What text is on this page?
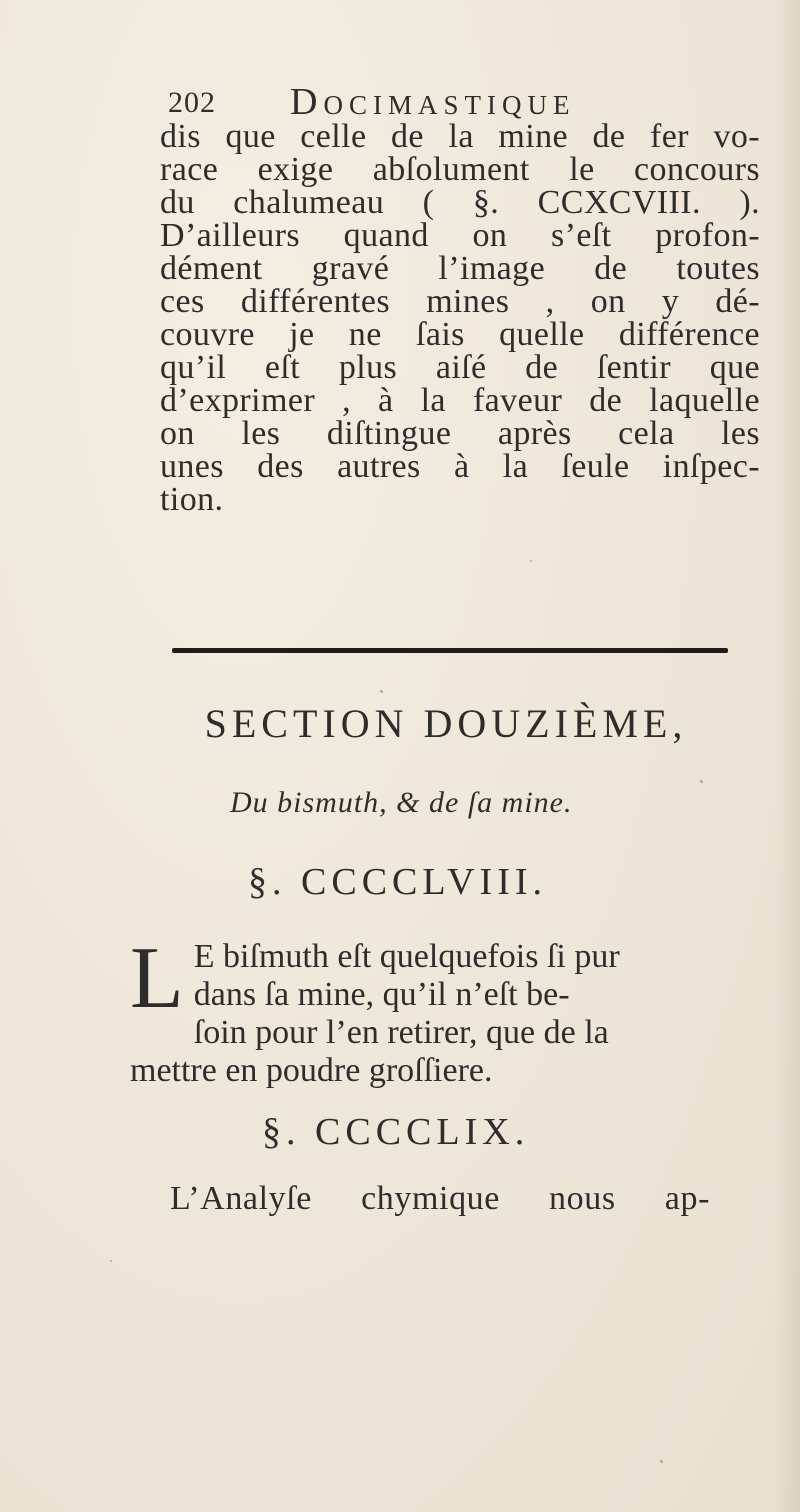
202 Docimastique
dis que celle de la mine de fer vo-
race exige abſolument le concours
du chalumeau ( §. CCXCVIII. ).
D’ailleurs quand on s’eſt profon-
dément gravé l’image de toutes
ces différentes mines , on y dé-
couvre je ne ſais quelle différence
qu’il eſt plus aiſé de ſentir que
d’exprimer , à la faveur de laquelle
on les diſtingue après cela les
unes des autres à la ſeule inſpec-
tion.
SECTION DOUZIÈME,
Du bismuth, & de ſa mine.
§. CCCCLVIII.
L E biſmuth eſt quelquefois ſi pur
dans ſa mine, qu’il n’eſt be-
ſoin pour l’en retirer, que de la
mettre en poudre groſſiere.
§. CCCCLIX.
L’Analyſe chymique nous ap-
